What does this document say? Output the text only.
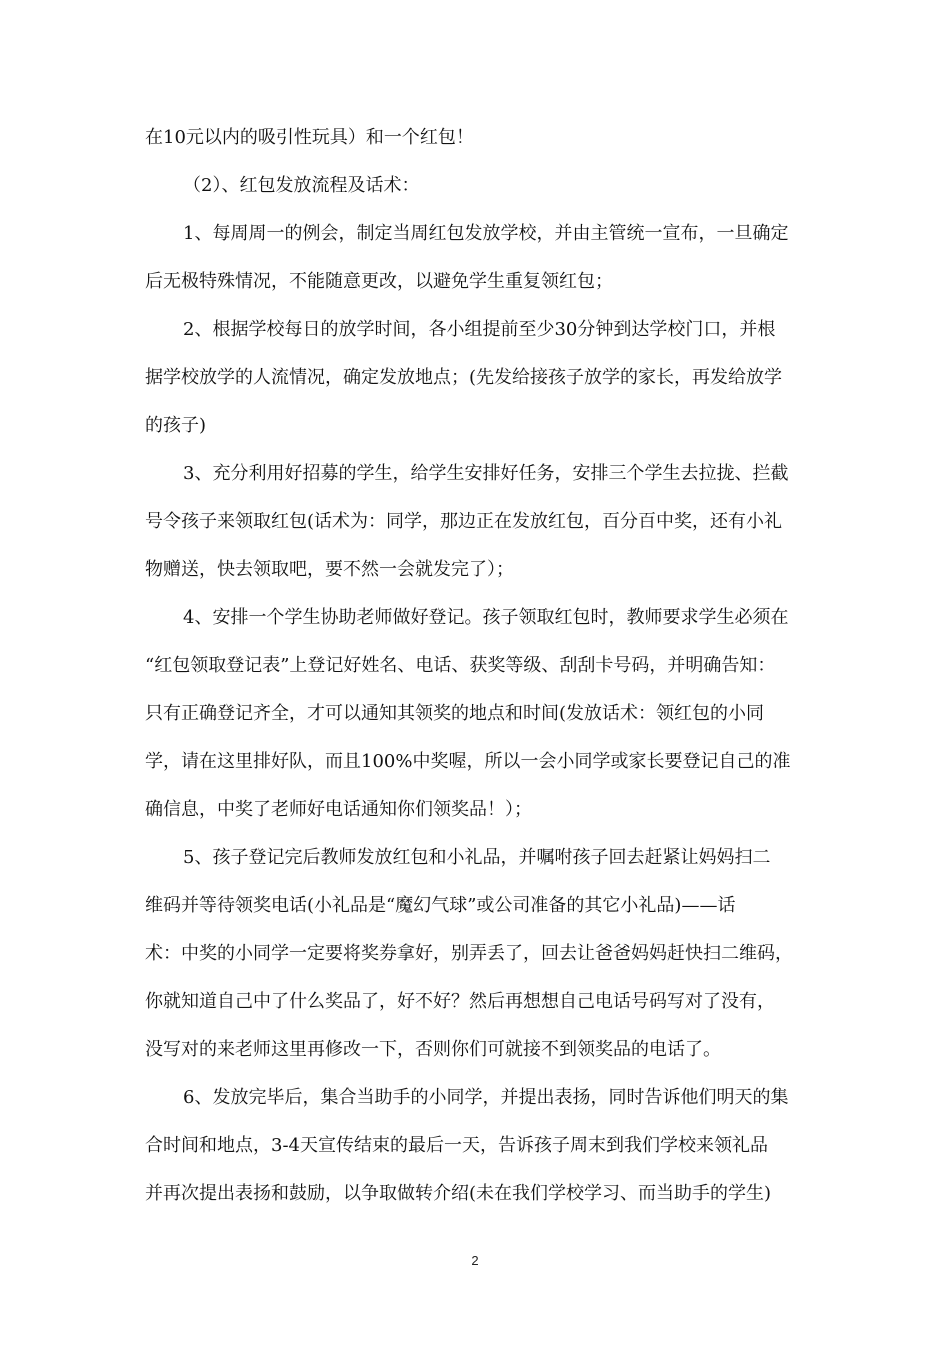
在10元以内的吸引性玩具）和一个红包！
（2）、红包发放流程及话术：
1、每周周一的例会，制定当周红包发放学校，并由主管统一宣布，一旦确定
后无极特殊情况，不能随意更改，以避免学生重复领红包；
2、根据学校每日的放学时间，各小组提前至少30分钟到达学校门口，并根
据学校放学的人流情况，确定发放地点；(先发给接孩子放学的家长，再发给放学
的孩子)
3、充分利用好招募的学生，给学生安排好任务，安排三个学生去拉拢、拦截
号令孩子来领取红包(话术为：同学，那边正在发放红包，百分百中奖，还有小礼
物赠送，快去领取吧，要不然一会就发完了）；
4、安排一个学生协助老师做好登记。孩子领取红包时，教师要求学生必须在
“红包领取登记表”上登记好姓名、电话、获奖等级、刮刮卡号码，并明确告知：
只有正确登记齐全，才可以通知其领奖的地点和时间(发放话术：领红包的小同
学，请在这里排好队，而且100%中奖喔，所以一会小同学或家长要登记自己的准
确信息，中奖了老师好电话通知你们领奖品！）；
5、孩子登记完后教师发放红包和小礼品，并嘱咐孩子回去赶紧让妈妈扫二
维码并等待领奖电话(小礼品是“魔幻气球”或公司准备的其它小礼品)——话
术：中奖的小同学一定要将奖券拿好，别弄丢了，回去让爸爸妈妈赶快扫二维码，
你就知道自己中了什么奖品了，好不好？然后再想想自己电话号码写对了没有，
没写对的来老师这里再修改一下，否则你们可就接不到领奖品的电话了。
6、发放完毕后，集合当助手的小同学，并提出表扬，同时告诉他们明天的集
合时间和地点，3-4天宣传结束的最后一天，告诉孩子周末到我们学校来领礼品
并再次提出表扬和鼓励，以争取做转介绍(未在我们学校学习、而当助手的学生)
2
